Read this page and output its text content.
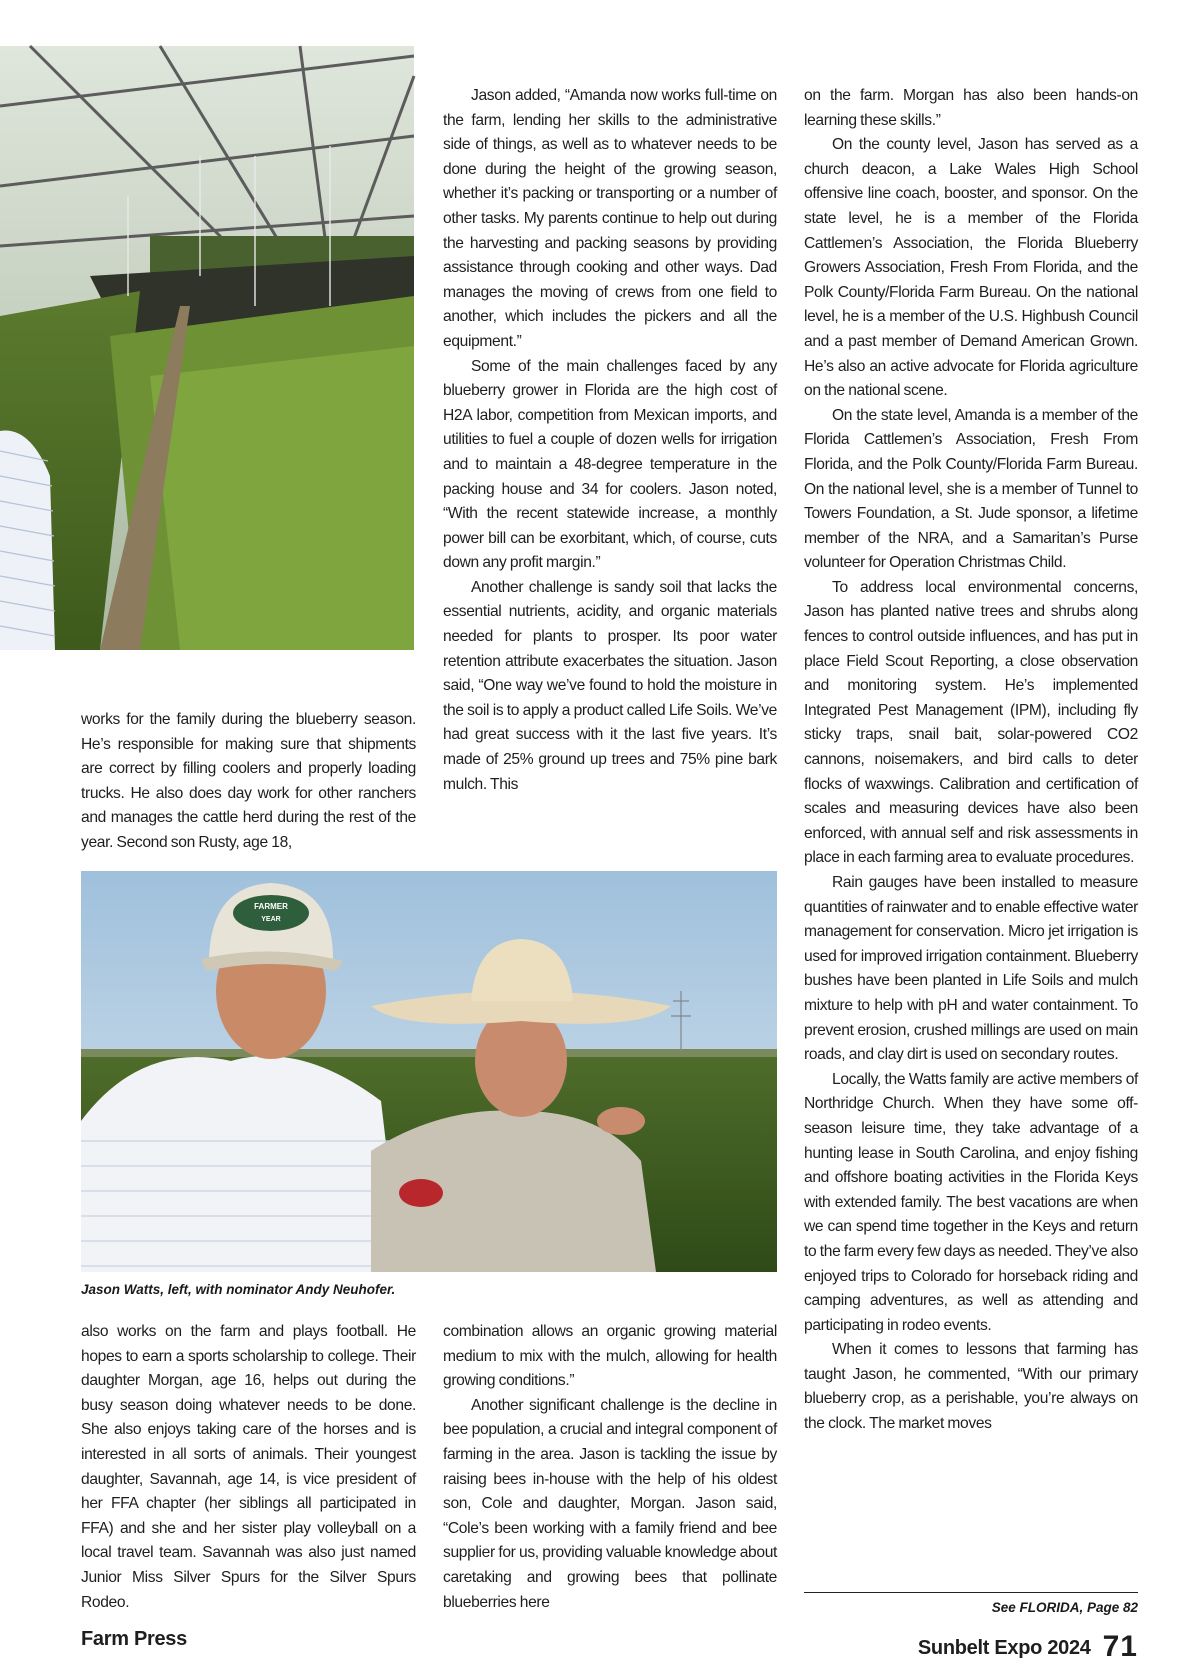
Jason added, “Amanda now works full-time on the farm, lending her skills to the administrative side of things, as well as to whatever needs to be done during the height of the growing season, whether it’s packing or transporting or a number of other tasks. My parents continue to help out during the harvesting and packing seasons by providing assistance through cooking and other ways. Dad manages the moving of crews from one field to another, which includes the pickers and all the equipment.”

Some of the main challenges faced by any blueberry grower in Florida are the high cost of H2A labor, competition from Mexican imports, and utilities to fuel a couple of dozen wells for irrigation and to maintain a 48-degree temperature in the packing house and 34 for coolers. Jason noted, “With the recent statewide increase, a monthly power bill can be exorbitant, which, of course, cuts down any profit margin.”

Another challenge is sandy soil that lacks the essential nutrients, acidity, and organic materials needed for plants to prosper. Its poor water retention attribute exacerbates the situation. Jason said, “One way we’ve found to hold the moisture in the soil is to apply a product called Life Soils. We’ve had great success with it the last five years. It’s made of 25% ground up trees and 75% pine bark mulch. This

on the farm. Morgan has also been hands-on learning these skills.”

On the county level, Jason has served as a church deacon, a Lake Wales High School offensive line coach, booster, and sponsor. On the state level, he is a member of the Florida Cattlemen’s Association, the Florida Blueberry Growers Association, Fresh From Florida, and the Polk County/Florida Farm Bureau. On the national level, he is a member of the U.S. Highbush Council and a past member of Demand American Grown. He’s also an active advocate for Florida agriculture on the national scene.

On the state level, Amanda is a member of the Florida Cattlemen’s Association, Fresh From Florida, and the Polk County/Florida Farm Bureau. On the national level, she is a member of Tunnel to Towers Foundation, a St. Jude sponsor, a lifetime member of the NRA, and a Samaritan’s Purse volunteer for Operation Christmas Child.

To address local environmental concerns, Jason has planted native trees and shrubs along fences to control outside influences, and has put in place Field Scout Reporting, a close observation and monitoring system. He’s implemented Integrated Pest Management (IPM), including fly sticky traps, snail bait, solar-powered CO2 cannons, noisemakers, and bird calls to deter flocks of waxwings. Calibration and certification of scales and measuring devices have also been enforced, with annual self and risk assessments in place in each farming area to evaluate procedures.

Rain gauges have been installed to measure quantities of rainwater and to enable effective water management for conservation. Micro jet irrigation is used for improved irrigation containment. Blueberry bushes have been planted in Life Soils and mulch mixture to help with pH and water containment. To prevent erosion, crushed millings are used on main roads, and clay dirt is used on secondary routes.

Locally, the Watts family are active members of Northridge Church. When they have some off-season leisure time, they take advantage of a hunting lease in South Carolina, and enjoy fishing and offshore boating activities in the Florida Keys with extended family. The best vacations are when we can spend time together in the Keys and return to the farm every few days as needed. They’ve also enjoyed trips to Colorado for horseback riding and camping adventures, as well as attending and participating in rodeo events.

When it comes to lessons that farming has taught Jason, he commented, “With our primary blueberry crop, as a perishable, you’re always on the clock. The market moves

works for the family during the blueberry season. He’s responsible for making sure that shipments are correct by filling coolers and properly loading trucks. He also does day work for other ranchers and manages the cattle herd during the rest of the year. Second son Rusty, age 18,

FARMER
YEAR
Jason Watts, left, with nominator Andy Neuhofer.

also works on the farm and plays football. He hopes to earn a sports scholarship to college. Their daughter Morgan, age 16, helps out during the busy season doing whatever needs to be done. She also enjoys taking care of the horses and is interested in all sorts of animals. Their youngest daughter, Savannah, age 14, is vice president of her FFA chapter (her siblings all participated in FFA) and she and her sister play volleyball on a local travel team. Savannah was also just named Junior Miss Silver Spurs for the Silver Spurs Rodeo.

combination allows an organic growing material medium to mix with the mulch, allowing for health growing conditions.”

Another significant challenge is the decline in bee population, a crucial and integral component of farming in the area. Jason is tackling the issue by raising bees in-house with the help of his oldest son, Cole and daughter, Morgan. Jason said, “Cole’s been working with a family friend and bee supplier for us, providing valuable knowledge about caretaking and growing bees that pollinate blueberries here	See FLORIDA, Page 82
Farm Press	Sunbelt Expo 2024 71
